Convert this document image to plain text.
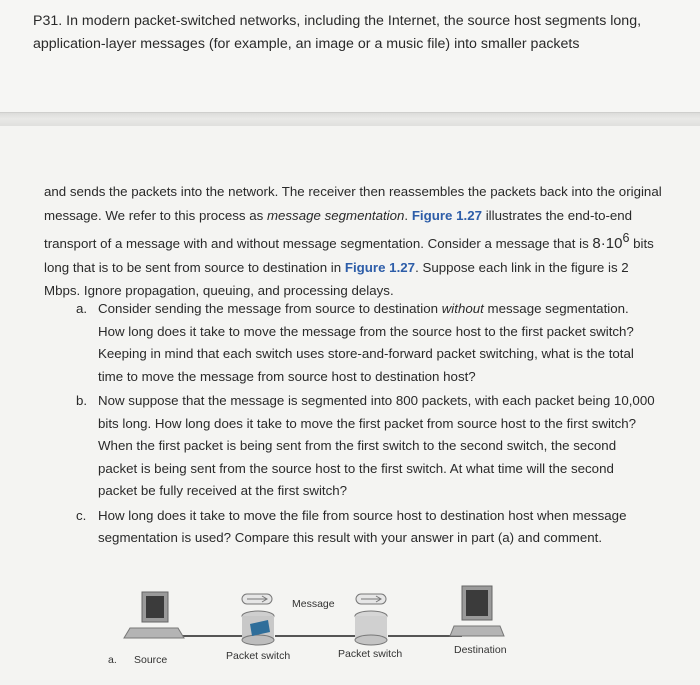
P31. In modern packet-switched networks, including the Internet, the source host segments long, application-layer messages (for example, an image or a music file) into smaller packets

and sends the packets into the network. The receiver then reassembles the packets back into the original message. We refer to this process as message segmentation. Figure 1.27 illustrates the end-to-end transport of a message with and without message segmentation. Consider a message that is $8\cdot 10^6$ bits long that is to be sent from source to destination in Figure 1.27. Suppose each link in the figure is 2 Mbps. Ignore propagation, queuing, and processing delays.

a. Consider sending the message from source to destination without message segmentation. How long does it take to move the message from the source host to the first packet switch? Keeping in mind that each switch uses store-and-forward packet switching, what is the total time to move the message from source host to destination host?
b. Now suppose that the message is segmented into 800 packets, with each packet being 10,000 bits long. How long does it take to move the first packet from source host to the first switch? When the first packet is being sent from the first switch to the second switch, the second packet is being sent from the source host to the first switch. At what time will the second packet be fully received at the first switch?
c. How long does it take to move the file from source host to destination host when message segmentation is used? Compare this result with your answer in part (a) and comment.
a. Source	Packet switch	Packet switch	Destination
Message
